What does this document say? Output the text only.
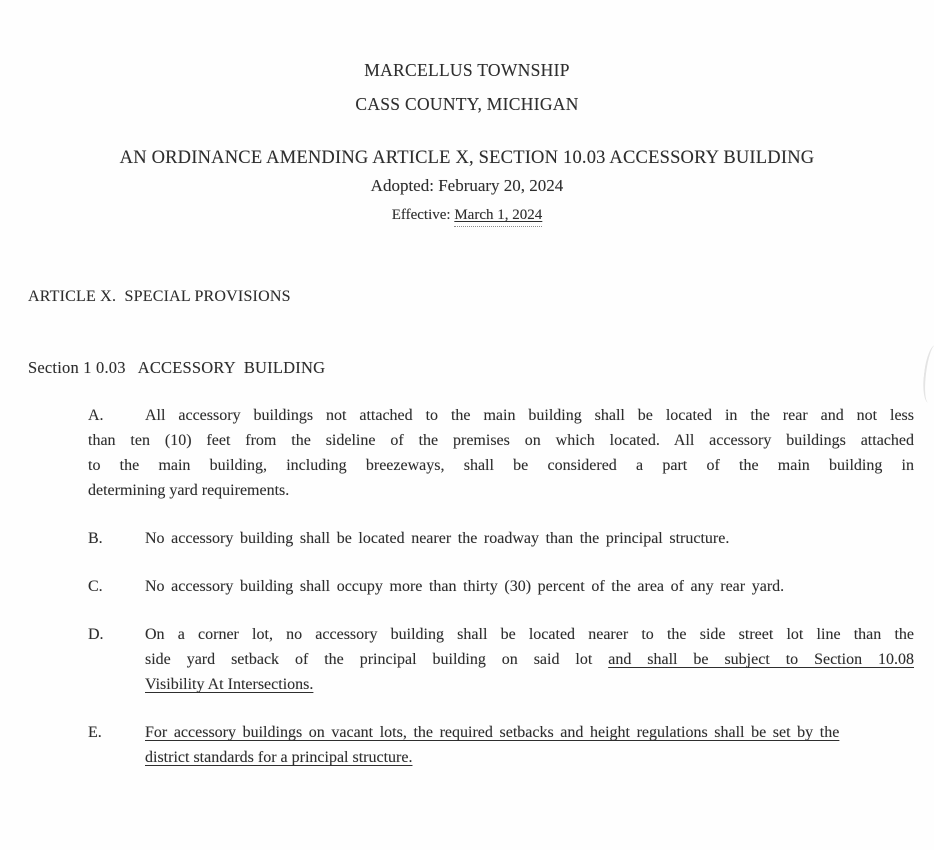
MARCELLUS TOWNSHIP
CASS COUNTY, MICHIGAN
AN ORDINANCE AMENDING ARTICLE X, SECTION 10.03 ACCESSORY BUILDING
Adopted: February 20, 2024
Effective: March 1, 2024
ARTICLE X.  SPECIAL PROVISIONS
Section 1 0.03   ACCESSORY  BUILDING
A.	All accessory buildings not attached to the main building shall be located in the rear and not less
than ten (10) feet from the sideline of the premises on which located. All accessory buildings attached
to the main building, including breezeways, shall be considered a part of the main building in
determining yard requirements.
B.	No accessory building shall be located nearer the roadway than the principal structure.
C.	No accessory building shall occupy more than thirty (30) percent of the area of any rear yard.
D.	On a corner lot, no accessory building shall be located nearer to the side street lot line than the
side yard setback of the principal building on said lot and shall be subject to Section 10.08
Visibility At Intersections.
E.	For accessory buildings on vacant lots, the required setbacks and height regulations shall be set by the
district standards for a principal structure.
